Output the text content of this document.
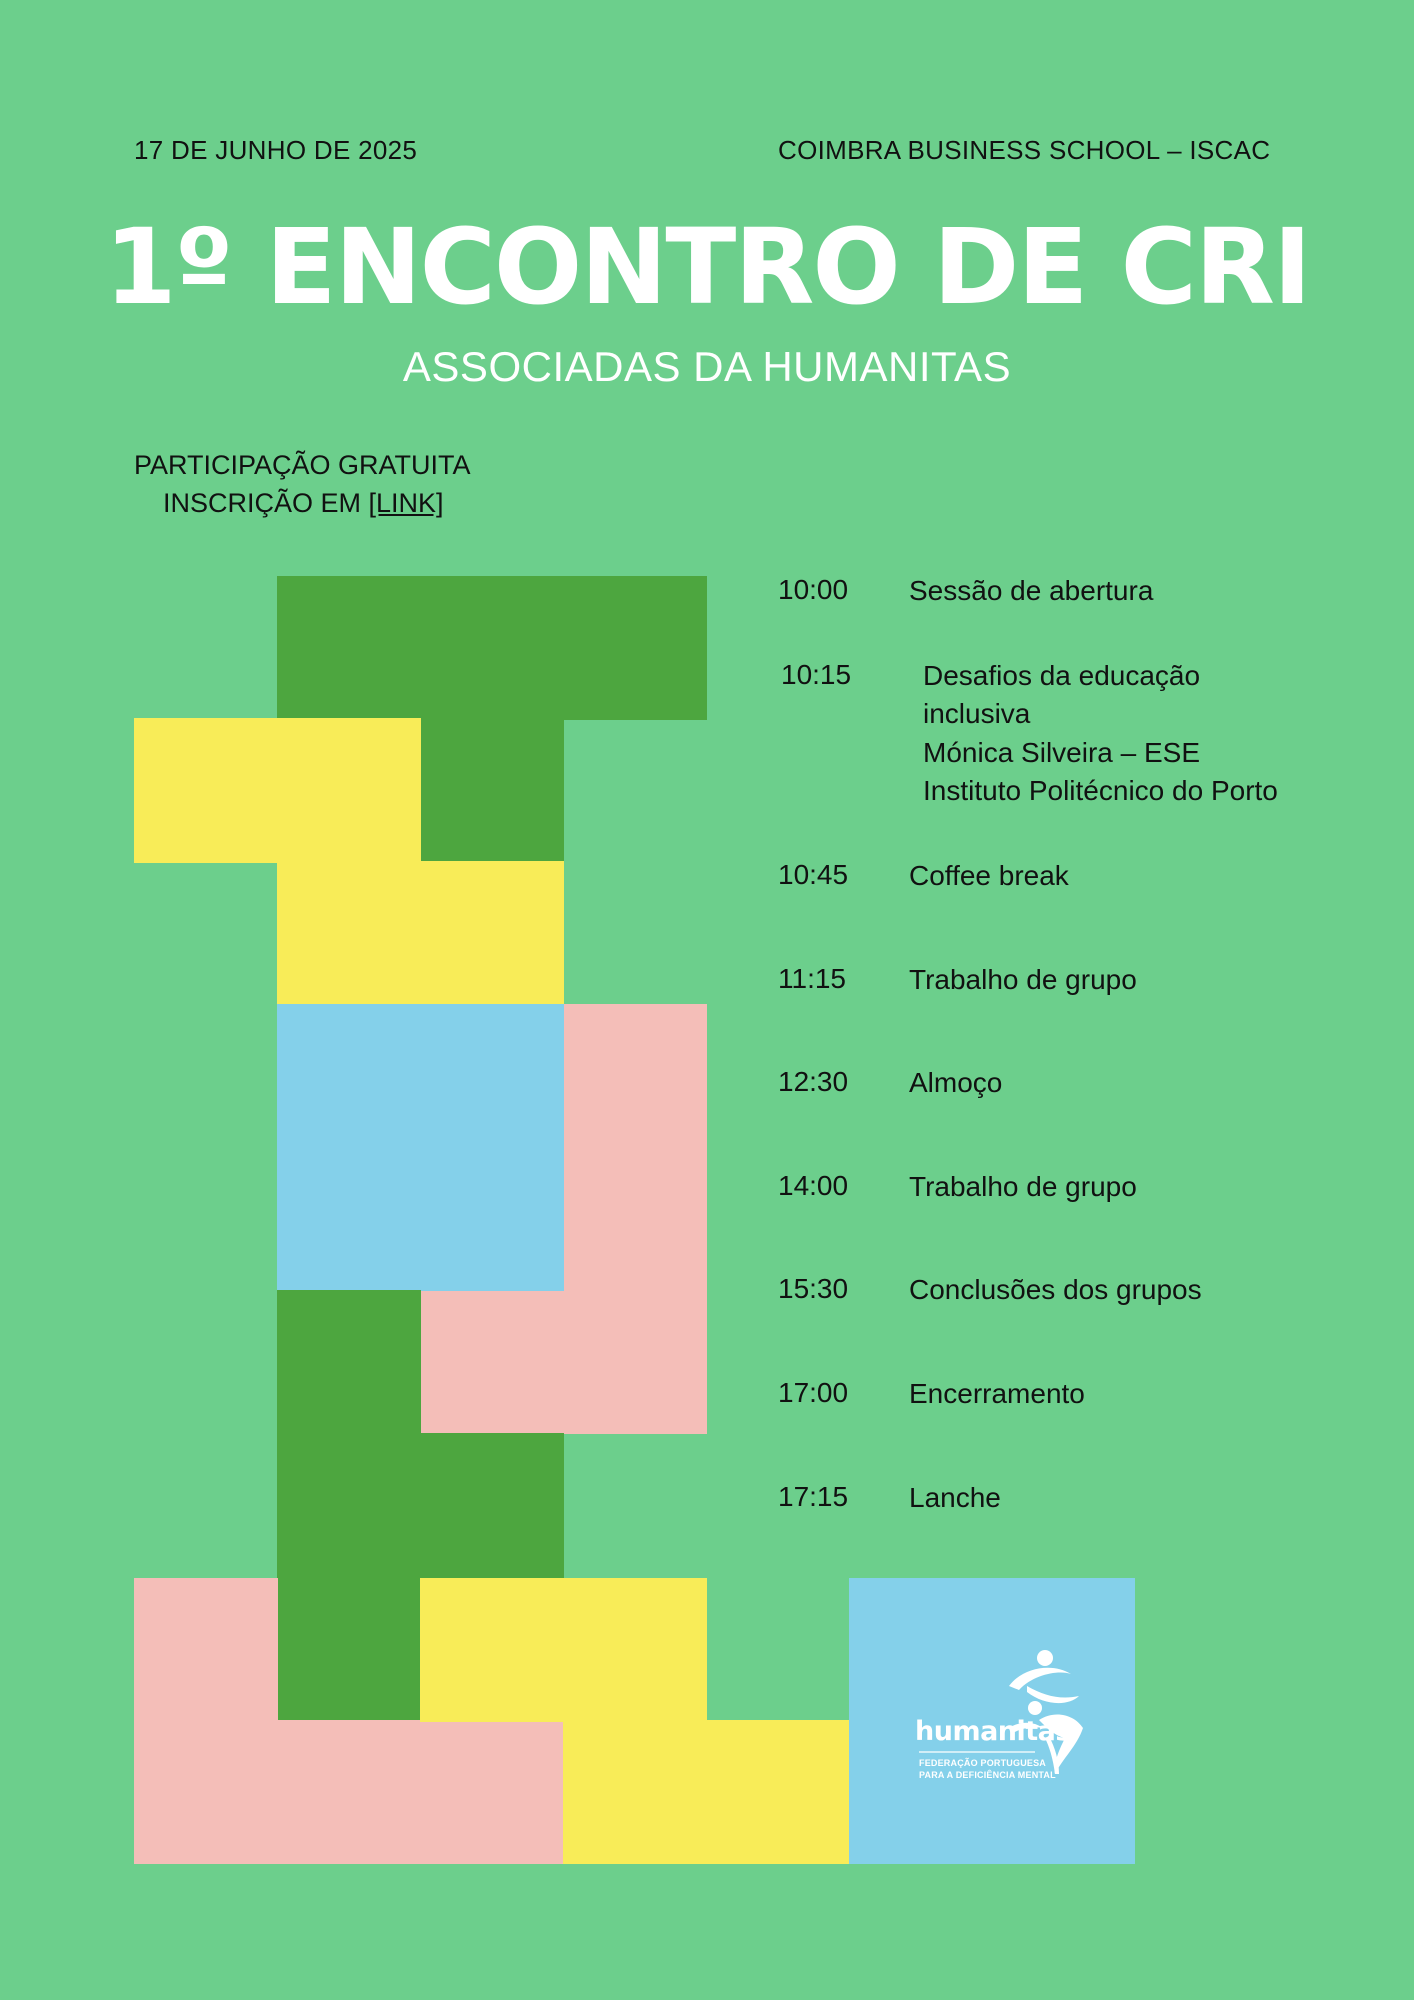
17 DE JUNHO DE 2025	COIMBRA BUSINESS SCHOOL – ISCAC
1º ENCONTRO DE CRI
ASSOCIADAS DA HUMANITAS
PARTICIPAÇÃO GRATUITA
INSCRIÇÃO EM [LINK]
10:00 Sessão de abertura
10:15	Desafios da educação
inclusiva
Mónica Silveira – ESE
Instituto Politécnico do Porto
10:45 Coffee break
11:15 Trabalho de grupo
12:30 Almoço
14:00 Trabalho de grupo
15:30 Conclusões dos grupos
17:00 Encerramento
17:15 Lanche
humanitas
FEDERAÇÃO PORTUGUESA
PARA A DEFICIÊNCIA MENTAL
